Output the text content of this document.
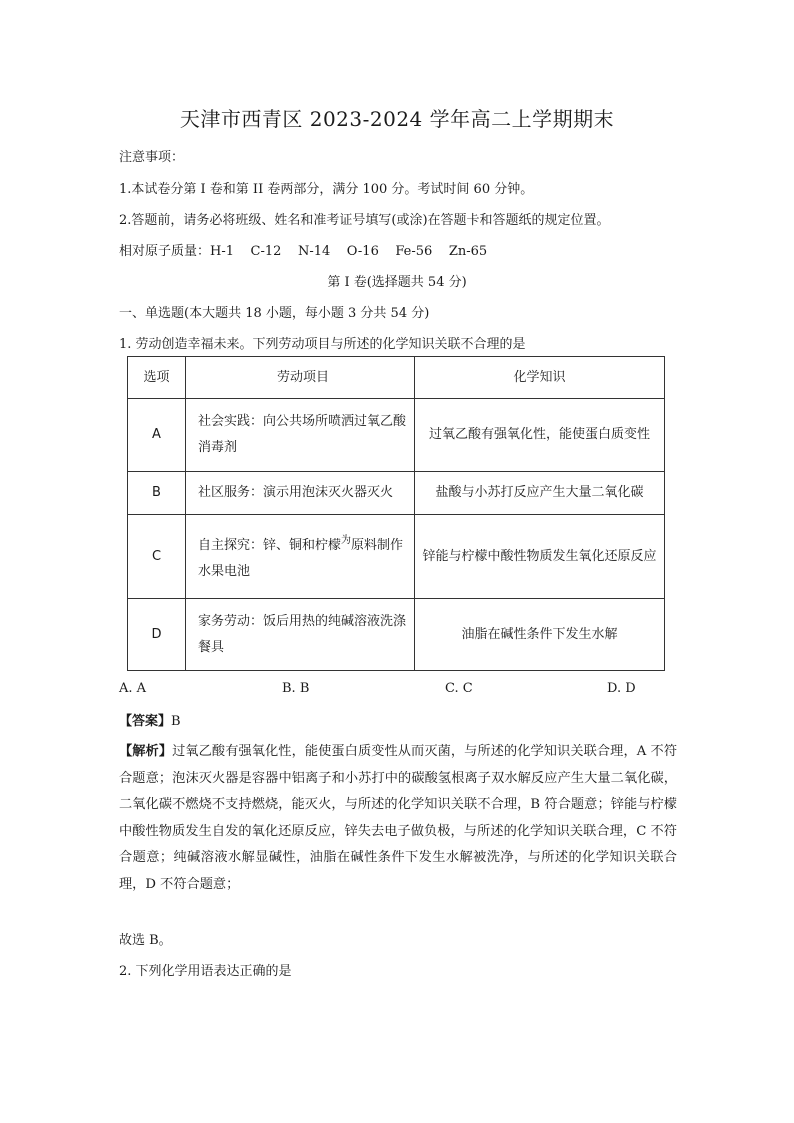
天津市西青区 2023-2024 学年高二上学期期末
注意事项：
1.本试卷分第 I 卷和第 II 卷两部分，满分 100 分。考试时间 60 分钟。
2.答题前，请务必将班级、姓名和准考证号填写(或涂)在答题卡和答题纸的规定位置。
相对原子质量：H-1    C-12    N-14    O-16    Fe-56    Zn-65
第 I 卷(选择题共 54 分)
一、单选题(本大题共 18 小题，每小题 3 分共 54 分)
1. 劳动创造幸福未来。下列劳动项目与所述的化学知识关联不合理的是
选项	劳动项目	化学知识
A	社会实践：向公共场所喷洒过氧乙酸消毒剂	过氧乙酸有强氧化性，能使蛋白质变性
B	社区服务：演示用泡沫灭火器灭火	盐酸与小苏打反应产生大量二氧化碳
C	自主探究：锌、铜和柠檬$^为$原料制作水果电池	锌能与柠檬中酸性物质发生氧化还原反应
D	家务劳动：饭后用热的纯碱溶液洗涤餐具	油脂在碱性条件下发生水解
A. A	B. B	C. C	D. D
【答案】B
【解析】过氧乙酸有强氧化性，能使蛋白质变性从而灭菌，与所述的化学知识关联合理，A 不符合题意；泡沫灭火器是容器中铝离子和小苏打中的碳酸氢根离子双水解反应产生大量二氧化碳，二氧化碳不燃烧不支持燃烧，能灭火，与所述的化学知识关联不合理，B 符合题意；锌能与柠檬中酸性物质发生自发的氧化还原反应，锌失去电子做负极，与所述的化学知识关联合理，C 不符合题意；纯碱溶液水解显碱性，油脂在碱性条件下发生水解被洗净，与所述的化学知识关联合理，D 不符合题意；
故选 B。
2. 下列化学用语表达正确的是
